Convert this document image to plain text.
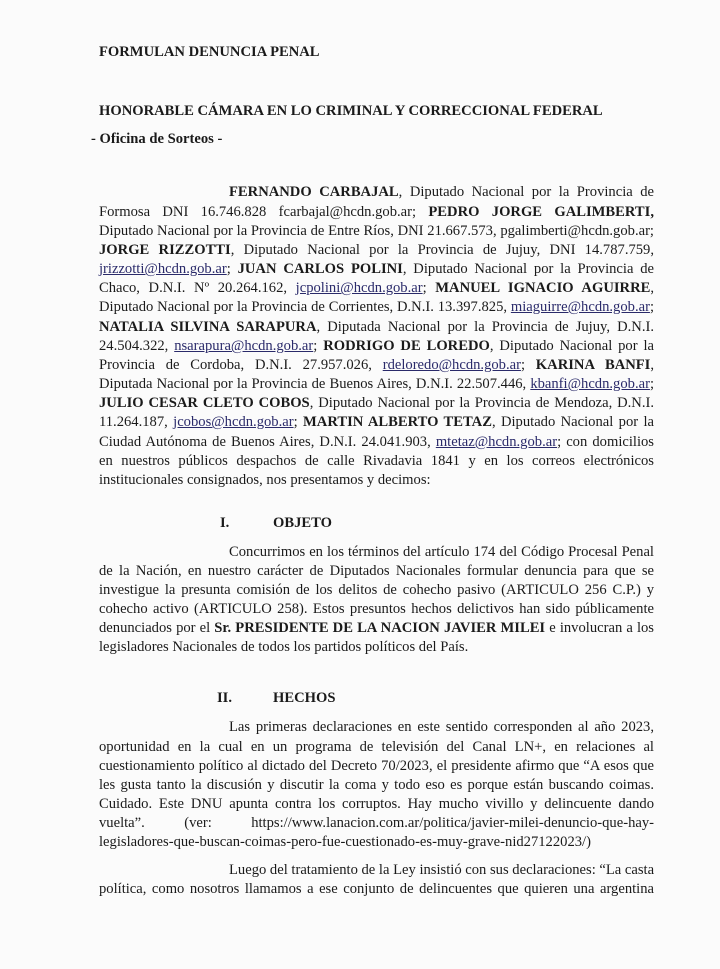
FORMULAN DENUNCIA PENAL

HONORABLE CÁMARA EN LO CRIMINAL Y CORRECCIONAL FEDERAL

- Oficina de Sorteos -

FERNANDO CARBAJAL, Diputado Nacional por la Provincia de

Formosa DNI 16.746.828 fcarbajal@hcdn.gob.ar; PEDRO JORGE GALIMBERTI,

Diputado Nacional por la Provincia de Entre Ríos, DNI 21.667.573, pgalimberti@hcdn.gob.ar;

JORGE RIZZOTTI, Diputado Nacional por la Provincia de Jujuy, DNI 14.787.759,

jrizzotti@hcdn.gob.ar; JUAN CARLOS POLINI, Diputado Nacional por la Provincia de

Chaco, D.N.I. Nº 20.264.162, jcpolini@hcdn.gob.ar; MANUEL IGNACIO AGUIRRE,

Diputado Nacional por la Provincia de Corrientes, D.N.I. 13.397.825, miaguirre@hcdn.gob.ar;

NATALIA SILVINA SARAPURA, Diputada Nacional por la Provincia de Jujuy, D.N.I.

24.504.322, nsarapura@hcdn.gob.ar; RODRIGO DE LOREDO, Diputado Nacional por la

Provincia de Cordoba, D.N.I. 27.957.026, rdeloredo@hcdn.gob.ar; KARINA BANFI,

Diputada Nacional por la Provincia de Buenos Aires, D.N.I. 22.507.446, kbanfi@hcdn.gob.ar;

JULIO CESAR CLETO COBOS, Diputado Nacional por la Provincia de Mendoza, D.N.I.

11.264.187, jcobos@hcdn.gob.ar; MARTIN ALBERTO TETAZ, Diputado Nacional por la

Ciudad Autónoma de Buenos Aires, D.N.I. 24.041.903, mtetaz@hcdn.gob.ar; con domicilios

en nuestros públicos despachos de calle Rivadavia 1841 y en los correos electrónicos

institucionales consignados, nos presentamos y decimos:

I.	OBJETO

Concurrimos en los términos del artículo 174 del Código Procesal Penal

de la Nación, en nuestro carácter de Diputados Nacionales formular denuncia para que se

investigue la presunta comisión de los delitos de cohecho pasivo (ARTICULO 256 C.P.) y

cohecho activo (ARTICULO 258). Estos presuntos hechos delictivos han sido públicamente

denunciados por el Sr. PRESIDENTE DE LA NACION JAVIER MILEI e involucran a los

legisladores Nacionales de todos los partidos políticos del País.

II.	HECHOS

Las primeras declaraciones en este sentido corresponden al año 2023,

oportunidad en la cual en un programa de televisión del Canal LN+, en relaciones al

cuestionamiento político al dictado del Decreto 70/2023, el presidente afirmo que “A esos que

les gusta tanto la discusión y discutir la coma y todo eso es porque están buscando coimas.

Cuidado. Este DNU apunta contra los corruptos. Hay mucho vivillo y delincuente dando

vuelta”.          (ver:          https://www.lanacion.com.ar/politica/javier-milei-denuncio-que-hay-

legisladores-que-buscan-coimas-pero-fue-cuestionado-es-muy-grave-nid27122023/)

Luego del tratamiento de la Ley insistió con sus declaraciones: “La casta

política, como nosotros llamamos a ese conjunto de delincuentes que quieren una argentina
